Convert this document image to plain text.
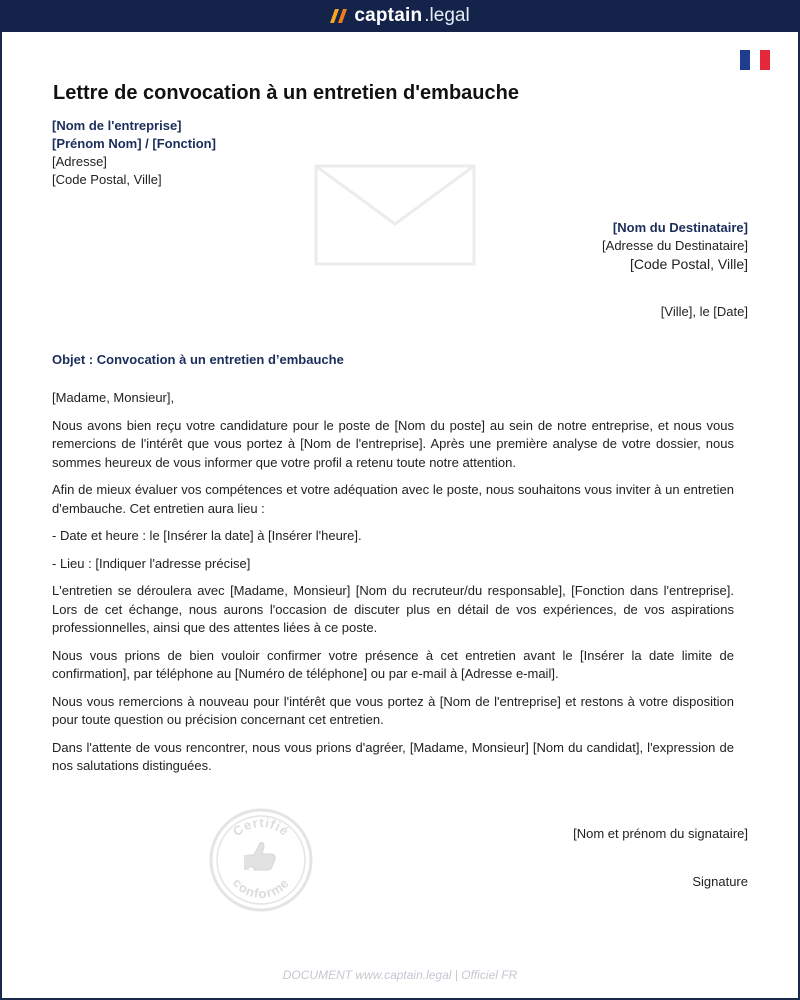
captain .legal
Lettre de convocation à un entretien d'embauche
[Nom de l'entreprise]
[Prénom Nom] / [Fonction]
[Adresse]
[Code Postal, Ville]
[Nom du Destinataire]
[Adresse du Destinataire]
[Code Postal, Ville]
[Ville], le [Date]
Objet : Convocation à un entretien d’embauche

[Madame, Monsieur],

Nous avons bien reçu votre candidature pour le poste de [Nom du poste] au sein de notre entreprise, et nous vous remercions de l'intérêt que vous portez à [Nom de l'entreprise]. Après une première analyse de votre dossier, nous sommes heureux de vous informer que votre profil a retenu toute notre attention.

Afin de mieux évaluer vos compétences et votre adéquation avec le poste, nous souhaitons vous inviter à un entretien d'embauche. Cet entretien aura lieu :

- Date et heure : le [Insérer la date] à [Insérer l'heure].

- Lieu : [Indiquer l'adresse précise]

L'entretien se déroulera avec [Madame, Monsieur] [Nom du recruteur/du responsable], [Fonction dans l'entreprise]. Lors de cet échange, nous aurons l'occasion de discuter plus en détail de vos expériences, de vos aspirations professionnelles, ainsi que des attentes liées à ce poste.

Nous vous prions de bien vouloir confirmer votre présence à cet entretien avant le [Insérer la date limite de confirmation], par téléphone au [Numéro de téléphone] ou par e-mail à [Adresse e-mail].

Nous vous remercions à nouveau pour l'intérêt que vous portez à [Nom de l'entreprise] et restons à votre disposition pour toute question ou précision concernant cet entretien.

Dans l'attente de vous rencontrer, nous vous prions d'agréer, [Madame, Monsieur] [Nom du candidat], l'expression de nos salutations distinguées.

Certifié
conforme
[Nom et prénom du signataire]
Signature
DOCUMENT www.captain.legal | Officiel FR
